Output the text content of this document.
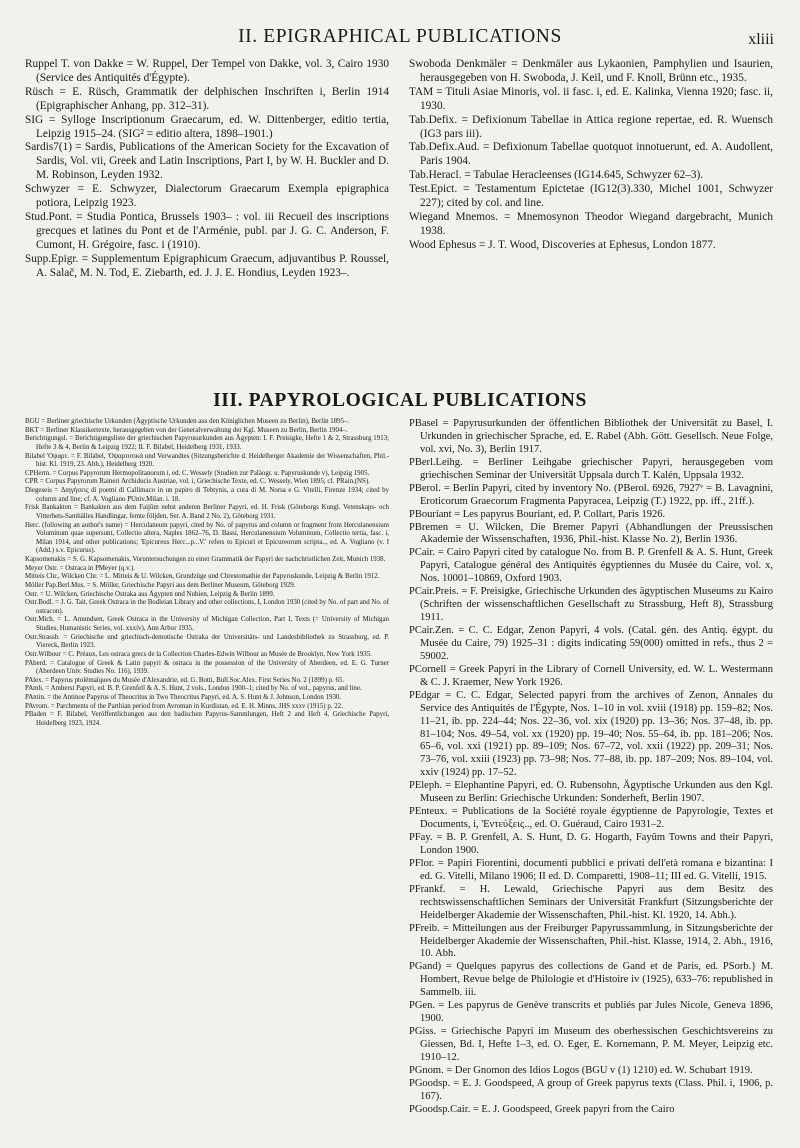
II. EPIGRAPHICAL PUBLICATIONS	xliii

Ruppel T. von Dakke = W. Ruppel, Der Tempel von Dakke, vol. 3, Cairo 1930 (Service des Antiquités d'Égypte).

Rüsch = E. Rüsch, Grammatik der delphischen Inschriften i, Berlin 1914 (Epigraphischer Anhang, pp. 312–31).

SIG = Sylloge Inscriptionum Graecarum, ed. W. Dittenberger, editio tertia, Leipzig 1915–24. (SIG² = editio altera, 1898–1901.)

Sardis7(1) = Sardis, Publications of the American Society for the Excavation of Sardis, Vol. vii, Greek and Latin Inscriptions, Part I, by W. H. Buckler and D. M. Robinson, Leyden 1932.

Schwyzer = E. Schwyzer, Dialectorum Graecarum Exempla epigraphica potiora, Leipzig 1923.

Stud.Pont. = Studia Pontica, Brussels 1903– : vol. iii Recueil des inscriptions grecques et latines du Pont et de l'Arménie, publ. par J. G. C. Anderson, F. Cumont, H. Grégoire, fasc. i (1910).

Supp.Epigr. = Supplementum Epigraphicum Graecum, adjuvantibus P. Roussel, A. Salač, M. N. Tod, E. Ziebarth, ed. J. J. E. Hondius, Leyden 1923–.

Swoboda Denkmäler = Denkmäler aus Lykaonien, Pamphylien und Isaurien, herausgegeben von H. Swoboda, J. Keil, und F. Knoll, Brünn etc., 1935.

TAM = Tituli Asiae Minoris, vol. ii fasc. i, ed. E. Kalinka, Vienna 1920; fasc. ii, 1930.

Tab.Defix. = Defixionum Tabellae in Attica regione repertae, ed. R. Wuensch (IG3 pars iii).

Tab.Defix.Aud. = Defixionum Tabellae quotquot innotuerunt, ed. A. Audollent, Paris 1904.

Tab.Heracl. = Tabulae Heracleenses (IG14.645, Schwyzer 62–3).

Test.Epict. = Testamentum Epictetae (IG12(3).330, Michel 1001, Schwyzer 227); cited by col. and line.

Wiegand Mnemos. = Mnemosynon Theodor Wiegand dargebracht, Munich 1938.

Wood Ephesus = J. T. Wood, Discoveries at Ephesus, London 1877.

III. PAPYROLOGICAL PUBLICATIONS

BGU = Berliner griechische Urkunden (Ägyptische Urkunden aus den Königlichen Museen zu Berlin), Berlin 1895–.

BKT = Berliner Klassikertexte, herausgegeben von der Generalverwaltung der Kgl. Museen zu Berlin, Berlin 1904–.

Berichtigungsl. = Berichtigungsliste der griechischen Papyrusurkunden aus Ägypten: I. F. Preisigke, Hefte 1 & 2, Strassburg 1913; Hefte 3 & 4, Berlin & Leipzig 1922; II. F. Bilabel, Heidelberg 1931, 1933.

Bilabel 'Οψαρτ. = F. Bilabel, 'Οψαρτυτικά und Verwandtes (Sitzungsberichte d. Heidelberger Akademie der Wissenschaften, Phil.-hist. Kl. 1919, 23. Abh.), Heidelberg 1920.

CPHerm. = Corpus Papyrorum Hermopolitanorum i, ed. C. Wessely (Studien zur Paläogr. u. Papyruskunde v), Leipzig 1905.

CPR = Corpus Papyrorum Raineri Archiducis Austriae, vol. i, Griechische Texte, ed. C. Wessely, Wien 1895; cf. PRain.(NS).

Diegeseis = Διηγήσεις di poemi di Callimaco in un papiro di Tebtynis, a cura di M. Norsa e G. Vitelli, Firenze 1934; cited by column and line; cf. A. Vogliano PUniv.Milan. i. 18.

Frisk Bankakten = Bankakten aus dem Faijûm nebst anderen Berliner Papyri, ed. H. Frisk (Göteborgs Kungl. Vetenskaps- och Vitterhets-Samhälles Handlingar, femte följden, Ser. A. Band 2 No. 2), Göteborg 1931.

Herc. (following an author's name) = Herculaneum papyri, cited by No. of papyrus and column or fragment from Herculanensium Voluminum quae supersunt, Collectio altera, Naples 1862–76, D. Bassi, Herculanensium Voluminum, Collectio tertia, fasc. i, Milan 1914, and other publications; 'Epicureus Herc...p...V.' refers to Epicuri et Epicureorum scripta.., ed. A. Vogliano (v. I (Add.) s.v. Epicurus).

Kapsomenakis = S. G. Kapsomenakis, Voruntersuchungen zu einer Grammatik der Papyri der nachchristlichen Zeit, Munich 1938.

Meyer Ostr. = Ostraca in PMeyer (q.v.).

Mitteis Chr., Wilcken Chr. = L. Mitteis & U. Wilcken, Grundzüge und Chrestomathie der Papyruskunde, Leipzig & Berlin 1912.

Möller Pap.Berl.Mus. = S. Möller, Griechische Papyri aus dem Berliner Museum, Göteborg 1929.

Ostr. = U. Wilcken, Griechische Ostraka aus Ägypten und Nubien, Leipzig & Berlin 1899.

Ostr.Bodl. = J. G. Tait, Greek Ostraca in the Bodleian Library and other collections, I, London 1930 (cited by No. of part and No. of ostracon).

Ostr.Mich. = L. Amundsen, Greek Ostraca in the University of Michigan Collection, Part I, Texts (= University of Michigan Studies, Humanistic Series, vol. xxxiv), Ann Arbor 1935.

Ostr.Strassb. = Griechische und griechisch-demotische Ostraka der Universitäts- und Landesbibliothek zu Strassburg, ed. P. Viereck, Berlin 1923.

Ostr.Wilbour = C. Préaux, Les ostraca grecs de la Collection Charles-Edwin Wilbour au Musée de Brooklyn, New York 1935.

PAberd. = Catalogue of Greek & Latin papyri & ostraca in the possession of the University of Aberdeen, ed. E. G. Turner (Aberdeen Univ. Studies No. 116), 1939.

PAlex. = Papyrus ptolémaïques du Musée d'Alexandrie, ed. G. Botti, Bull.Soc.Alex. First Series No. 2 (1899) p. 65.

PAmh. = Amherst Papyri, ed. B. P. Grenfell & A. S. Hunt, 2 vols., London 1900–1; cited by No. of vol., papyrus, and line.

PAntin. = the Antinoe Papyrus of Theocritus in Two Theocritus Papyri, ed. A. S. Hunt & J. Johnson, London 1930.

PAvrom. = Parchments of the Parthian period from Avroman in Kurdistan, ed. E. H. Minns, JHS xxxv (1915) p. 22.

PBaden = F. Bilabel, Veröffentlichungen aus den badischen Papyrus-Sammlungen, Heft 2 and Heft 4, Griechische Papyri, Heidelberg 1923, 1924.

PBasel = Papyrusurkunden der öffentlichen Bibliothek der Universität zu Basel, I. Urkunden in griechischer Sprache, ed. E. Rabel (Abh. Gött. Gesellsch. Neue Folge, vol. xvi, No. 3), Berlin 1917.

PBerl.Leihg. = Berliner Leihgabe griechischer Papyri, herausgegeben vom griechischen Seminar der Universität Uppsala durch T. Kalén, Uppsala 1932.

PBerol. = Berlin Papyri, cited by inventory No. (PBerol. 6926, 7927ᵛ = B. Lavagnini, Eroticorum Graecorum Fragmenta Papyracea, Leipzig (T.) 1922, pp. iff., 21ff.).

PBouriant = Les papyrus Bouriant, ed. P. Collart, Paris 1926.

PBremen = U. Wilcken, Die Bremer Papyri (Abhandlungen der Preussischen Akademie der Wissenschaften, 1936, Phil.-hist. Klasse No. 2), Berlin 1936.

PCair. = Cairo Papyri cited by catalogue No. from B. P. Grenfell & A. S. Hunt, Greek Papyri, Catalogue général des Antiquités égyptiennes du Musée du Caire, vol. x, Nos. 10001–10869, Oxford 1903.

PCair.Preis. = F. Preisigke, Griechische Urkunden des ägyptischen Museums zu Kairo (Schriften der wissenschaftlichen Gesellschaft zu Strassburg, Heft 8), Strassburg 1911.

PCair.Zen. = C. C. Edgar, Zenon Papyri, 4 vols. (Catal. gén. des Antiq. égypt. du Musée du Caire, 79) 1925–31 : digits indicating 59(000) omitted in refs., thus 2 = 59002.

PCornell = Greek Papyri in the Library of Cornell University, ed. W. L. Westermann & C. J. Kraemer, New York 1926.

PEdgar = C. C. Edgar, Selected papyri from the archives of Zenon, Annales du Service des Antiquités de l'Égypte, Nos. 1–10 in vol. xviii (1918) pp. 159–82; Nos. 11–21, ib. pp. 224–44; Nos. 22–36, vol. xix (1920) pp. 13–36; Nos. 37–48, ib. pp. 81–104; Nos. 49–54, vol. xx (1920) pp. 19–40; Nos. 55–64, ib. pp. 181–206; Nos. 65–6, vol. xxi (1921) pp. 89–109; Nos. 67–72, vol. xxii (1922) pp. 209–31; Nos. 73–76, vol. xxiii (1923) pp. 73–98; Nos. 77–88, ib. pp. 187–209; Nos. 89–104, vol. xxiv (1924) pp. 17–52.

PEleph. = Elephantine Papyri, ed. O. Rubensohn, Ägyptische Urkunden aus den Kgl. Museen zu Berlin: Griechische Urkunden: Sonderheft, Berlin 1907.

PEnteux. = Publications de la Société royale égyptienne de Papyrologie, Textes et Documents, i, 'Εντεύξεις.., ed. O. Guéraud, Cairo 1931–2.

PFay. = B. P. Grenfell, A. S. Hunt, D. G. Hogarth, Fayûm Towns and their Papyri, London 1900.

PFlor. = Papiri Fiorentini, documenti pubblici e privati dell'età romana e bizantina: I ed. G. Vitelli, Milano 1906; II ed. D. Comparetti, 1908–11; III ed. G. Vitelli, 1915.

PFrankf. = H. Lewald, Griechische Papyri aus dem Besitz des rechtswissenschaftlichen Seminars der Universität Frankfurt (Sitzungsberichte der Heidelberger Akademie der Wissenschaften, Phil.-hist. Kl. 1920, 14. Abh.).

PFreib. = Mitteilungen aus der Freiburger Papyrussammlung, in Sitzungsberichte der Heidelberger Akademie der Wissenschaften, Phil.-hist. Klasse, 1914, 2. Abh., 1916, 10. Abh.

PGand) = Quelques papyrus des collections de Gand et de Paris, ed. PSorb.} M. Hombert, Revue belge de Philologie et d'Histoire iv (1925), 633–76: republished in Sammelb. iii.

PGen. = Les papyrus de Genève transcrits et publiés par Jules Nicole, Geneva 1896, 1900.

PGiss. = Griechische Papyri im Museum des oberhessischen Geschichtsvereins zu Giessen, Bd. I, Hefte 1–3, ed. O. Eger, E. Kornemann, P. M. Meyer, Leipzig etc. 1910–12.

PGnom. = Der Gnomon des Idios Logos (BGU v (1) 1210) ed. W. Schubart 1919.

PGoodsp. = E. J. Goodspeed, A group of Greek papyrus texts (Class. Phil. i, 1906, p. 167).

PGoodsp.Cair. = E. J. Goodspeed, Greek papyri from the Cairo
